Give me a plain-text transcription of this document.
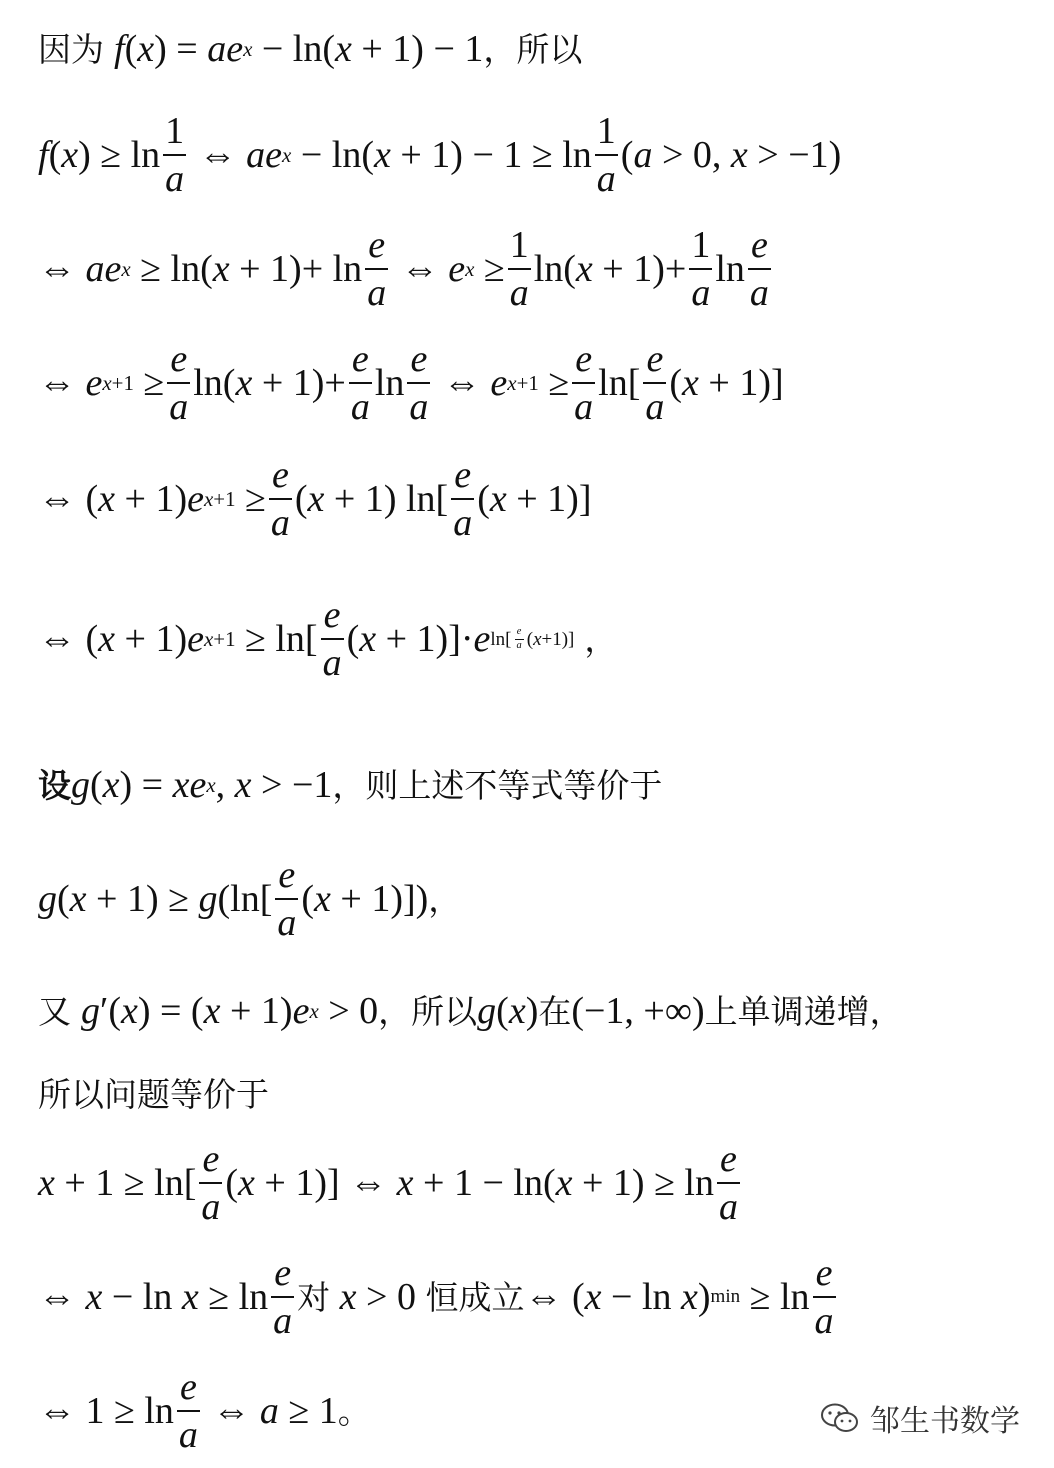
因为 f ( x ) = ae x − ln( x + 1) − 1 ，所以
f ( x ) ≥ $\ln \frac{1}{a}$ ⇔ ae x − ln( $x + 1) - 1 \ge \ln \frac{1}{a}$ ( a > 0, x > −1)
⇔ ae x ≥ ln( $x + 1)+ \ln \frac{e}{a}$ ⇔ e $x \ge \frac{1}{a} \ln$( $x + 1)+ \frac{1}{a}$ $\ln \frac{e}{a}$
⇔ e $x+1 \ge \frac{e}{a} \ln$( $x + 1)+ \frac{e}{a}$ $\ln \frac{e}{a}$ ⇔ e $x+1 \ge \frac{e}{a} \ln[ \frac{e}{a}$ ( x + 1)]
⇔ ( x + 1) e $x+1 \ge \frac{e}{a}$ ( x + 1) $\ln[ \frac{e}{a}$ ( x + 1)]
⇔ ( x + 1) e $x+1 \ge \ln[ \frac{e}{a}$ ( x + 1)]· e $\ln[ \frac{e}{a}$ ( x +1)] ，
设 g ( x ) = xe x , x > −1 ，则上述不等式等价于
g ( x + 1) ≥ g ($\ln[ \frac{e}{a}$ ( x + 1)]) ，
又 g ′( x ) = ( x + 1) e x > 0 ，所以 g ( x ) 在 (−1, +∞) 上单调递增，
所以问题等价于
$x + 1 \ge \ln[ \frac{e}{a}$ ( x + 1)] ⇔ x + 1 − ln( $x + 1) \ge \ln \frac{e}{a}$
⇔ $x - \ln x \ge \ln \frac{e}{a}$ 对
x > 0 恒成立 ⇔ ( x − ln x ) $\min \ge \ln \frac{e}{a}$
⇔ $1 \ge \ln \frac{e}{a}$ ⇔ a ≥ 1 。	邹生书数学
